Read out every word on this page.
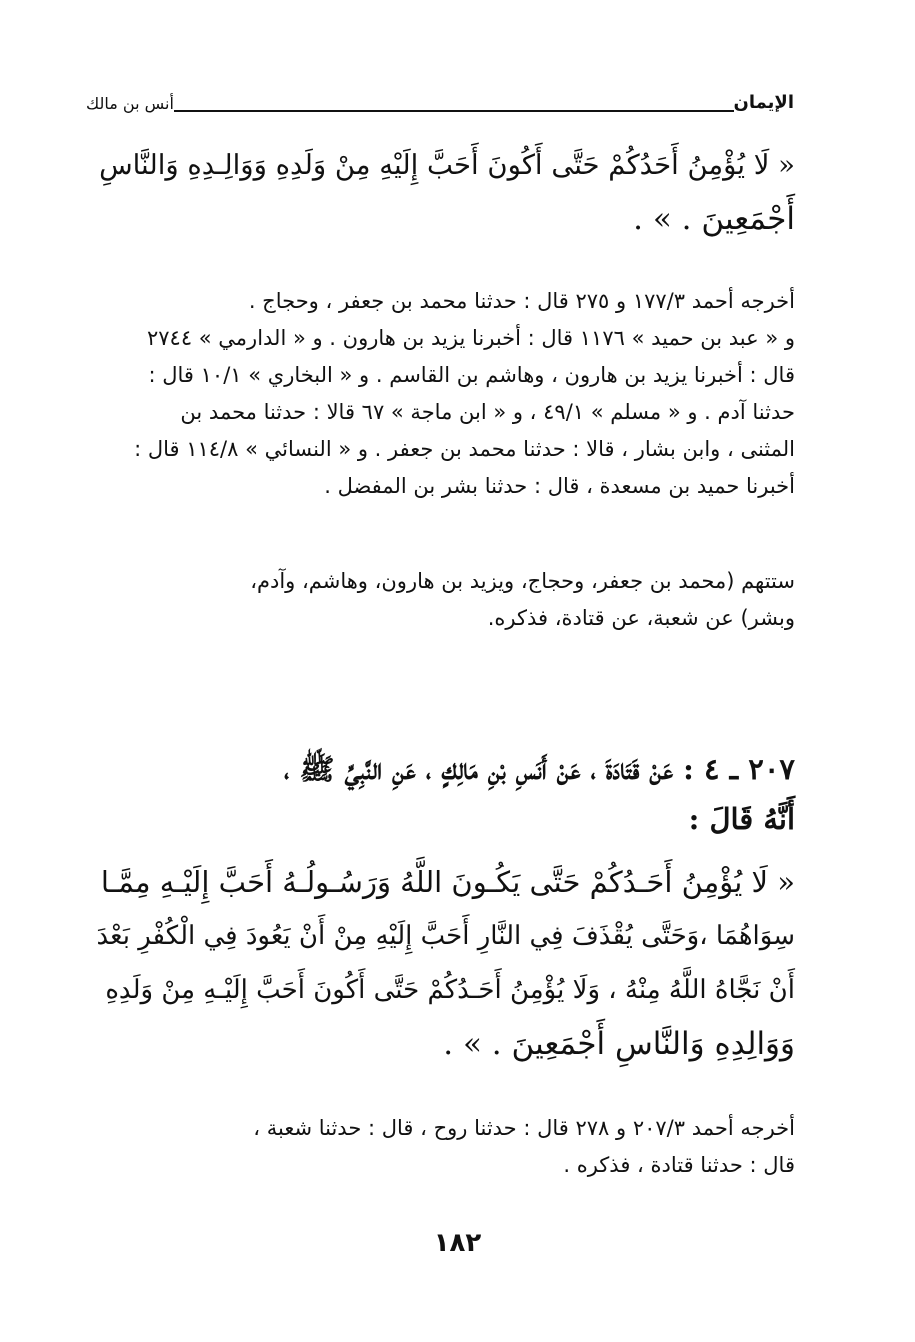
الإيمان
أنس بن مالك
« لَا يُؤْمِنُ أَحَدُكُمْ حَتَّى أَكُونَ أَحَبَّ إِلَيْهِ مِنْ وَلَدِهِ وَوَالِـدِهِ وَالنَّاسِ
أَجْمَعِينَ . » .
أخرجه أحمد ١٧٧/٣ و ٢٧٥ قال : حدثنا محمد بن جعفر ، وحجاج .
و « عبد بن حميد » ١١٧٦ قال : أخبرنا يزيد بن هارون . و « الدارمي » ٢٧٤٤
قال : أخبرنا يزيد بن هارون ، وهاشم بن القاسم . و « البخاري » ١٠/١ قال :
حدثنا آدم . و « مسلم » ٤٩/١ ، و « ابن ماجة » ٦٧ قالا : حدثنا محمد بن
المثنى ، وابن بشار ، قالا : حدثنا محمد بن جعفر . و « النسائي » ١١٤/٨ قال :
أخبرنا حميد بن مسعدة ، قال : حدثنا بشر بن المفضل .
ستتهم (محمد بن جعفر، وحجاج، ويزيد بن هارون، وهاشم، وآدم،
وبشر) عن شعبة، عن قتادة، فذكره.
٢٠٧ ـ ٤ : عَنْ قَتَادَةَ ، عَنْ أَنَسِ بْنِ مَالِكٍ ، عَنِ النَّبِيِّ ﷺ ،
أَنَّهُ قَالَ :
« لَا يُؤْمِنُ أَحَـدُكُمْ حَتَّى يَكُـونَ اللَّهُ وَرَسُـولُـهُ أَحَبَّ إِلَيْـهِ مِمَّـا
سِوَاهُمَا ،وَحَتَّى يُقْذَفَ فِي النَّارِ أَحَبَّ إِلَيْهِ مِنْ أَنْ يَعُودَ فِي الْكُفْرِ بَعْدَ
أَنْ نَجَّاهُ اللَّهُ مِنْهُ ، وَلَا يُؤْمِنُ أَحَـدُكُمْ حَتَّى أَكُونَ أَحَبَّ إِلَيْـهِ مِنْ وَلَدِهِ
وَوَالِدِهِ وَالنَّاسِ أَجْمَعِينَ . » .
أخرجه أحمد ٢٠٧/٣ و ٢٧٨ قال : حدثنا روح ، قال : حدثنا شعبة ،
قال : حدثنا قتادة ، فذكره .
١٨٢
